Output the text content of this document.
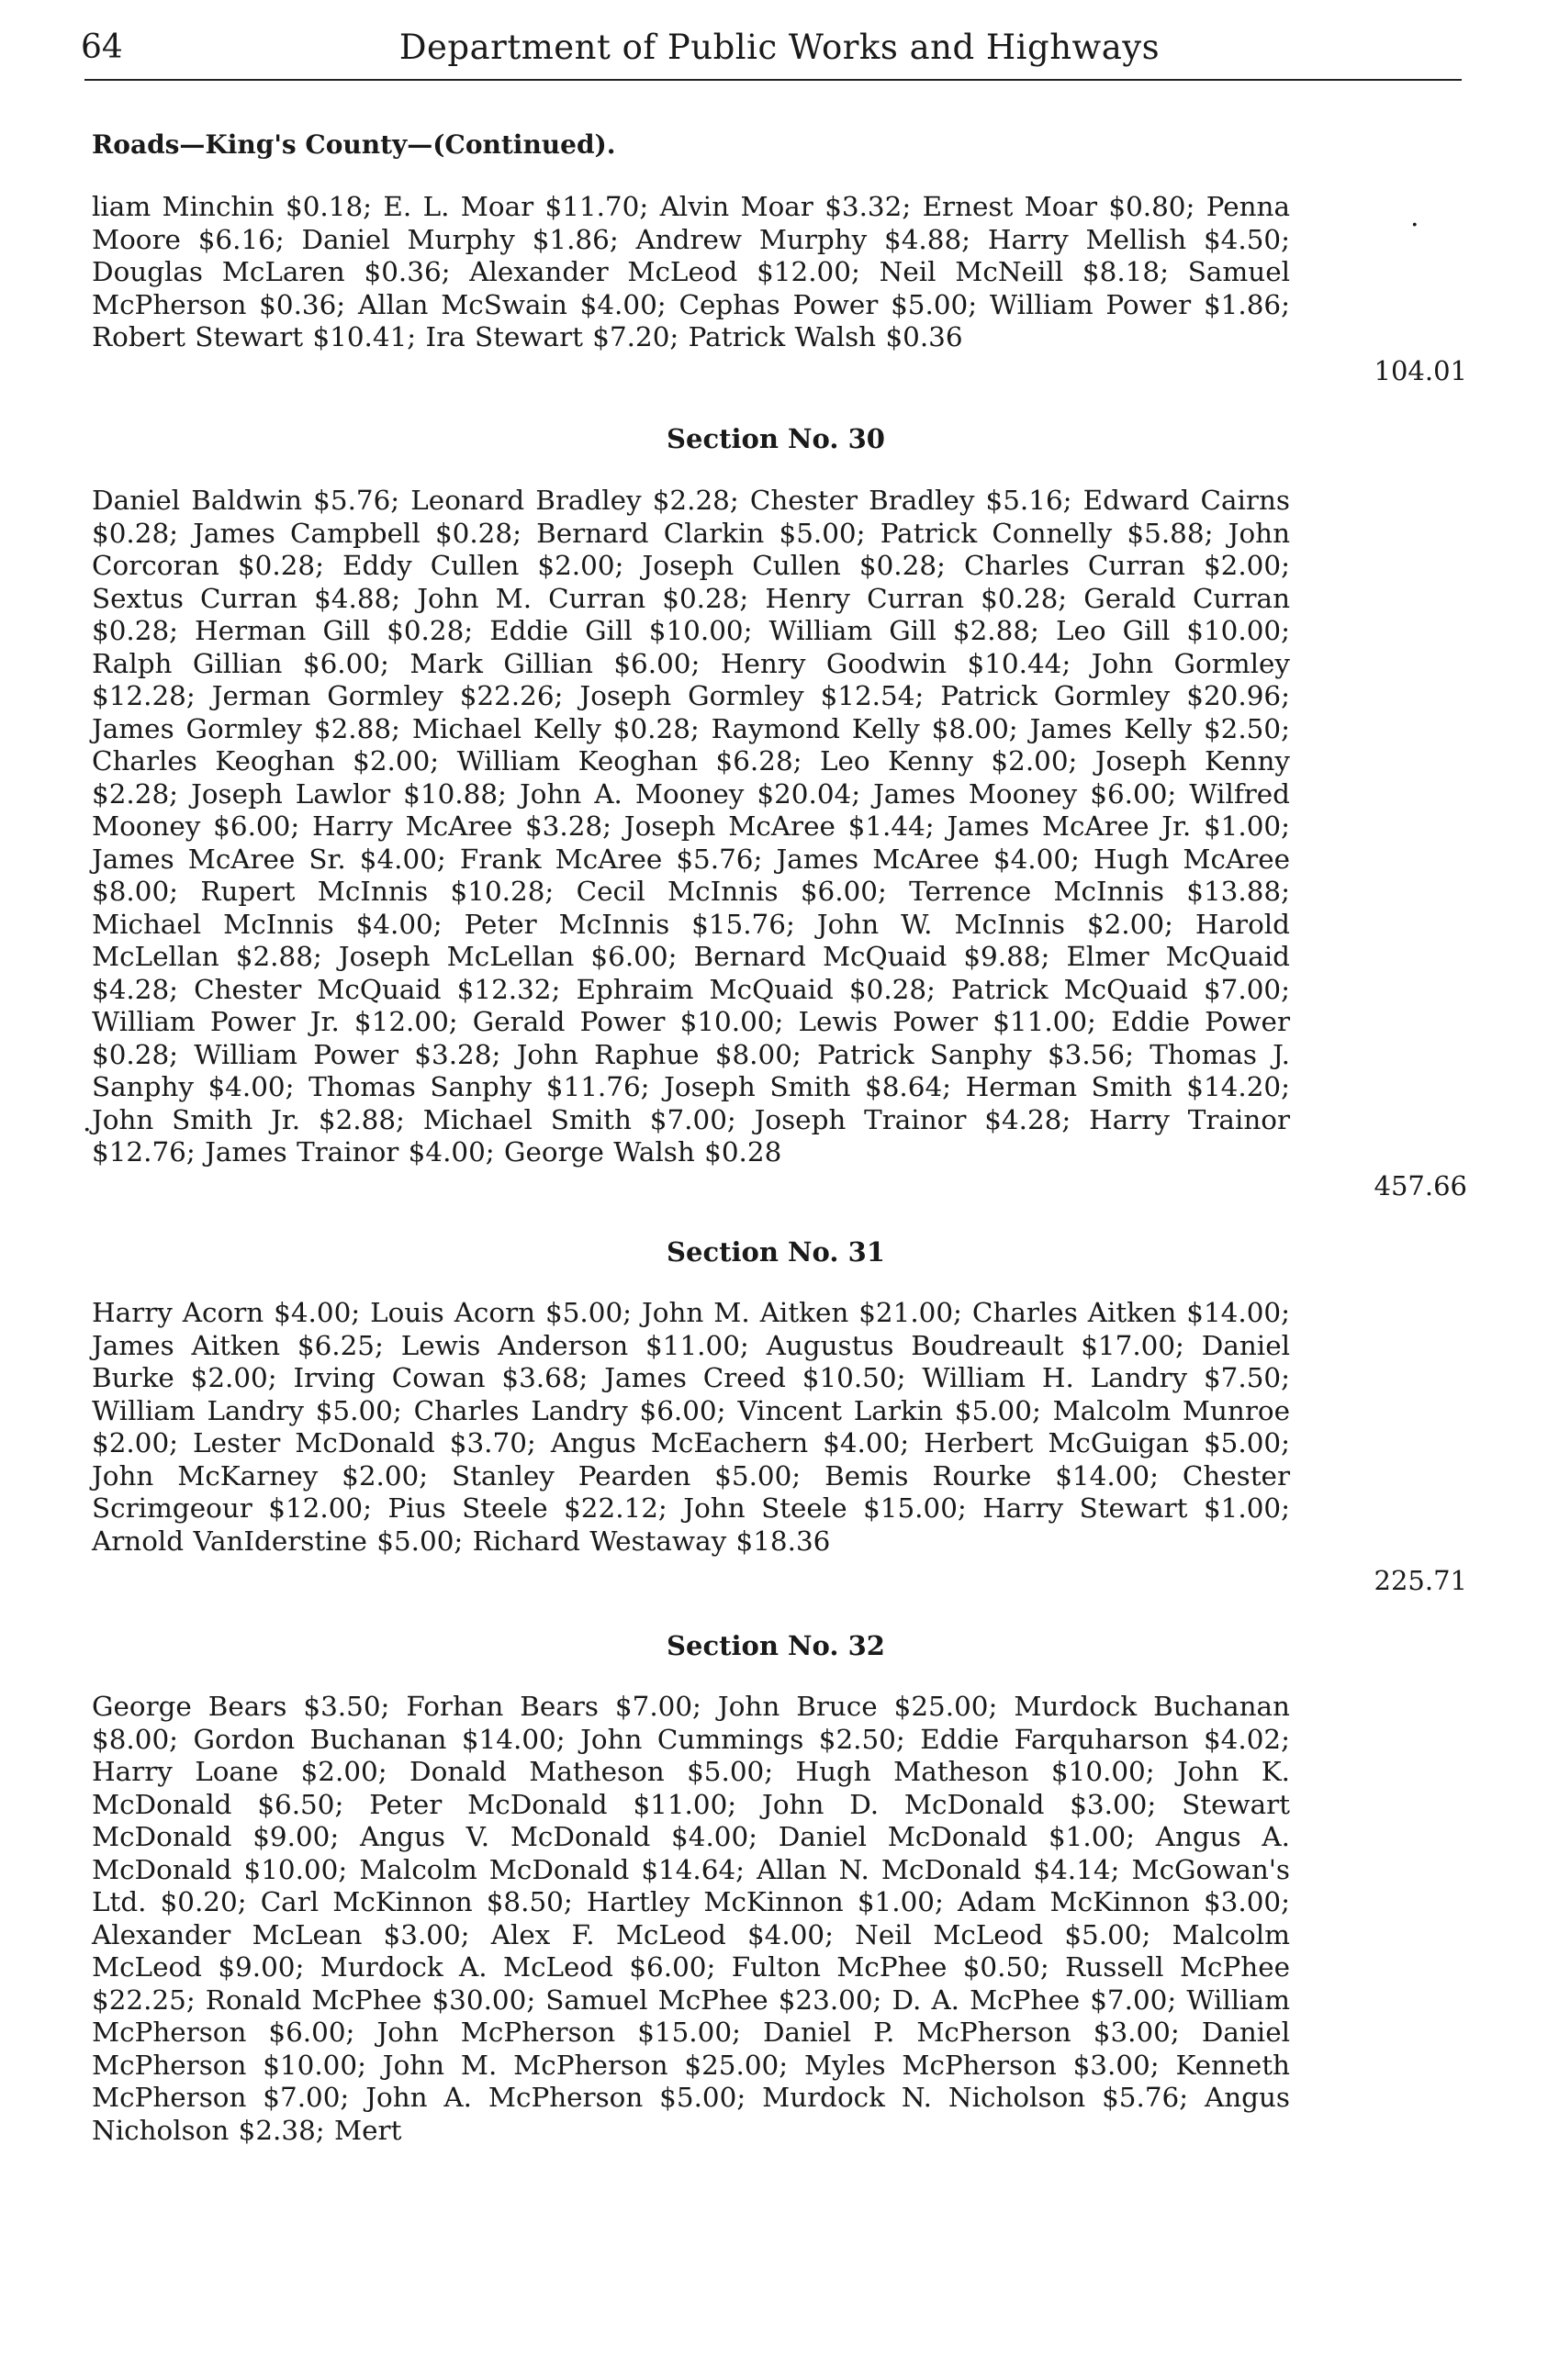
64	Department of Public Works and Highways
Roads—King's County—(Continued).
liam Minchin $0.18; E. L. Moar $11.70; Alvin Moar $3.32; Ernest Moar $0.80; Penna Moore $6.16; Daniel Murphy $1.86; Andrew Murphy $4.88; Harry Mellish $4.50; Douglas McLaren $0.36; Alexander McLeod $12.00; Neil McNeill $8.18; Samuel McPherson $0.36; Allan McSwain $4.00; Cephas Power $5.00; William Power $1.86; Robert Stewart $10.41; Ira Stewart $7.20; Patrick Walsh $0.36
104.01
Section No. 30
Daniel Baldwin $5.76; Leonard Bradley $2.28; Chester Bradley $5.16; Edward Cairns $0.28; James Campbell $0.28; Bernard Clarkin $5.00; Patrick Connelly $5.88; John Corcoran $0.28; Eddy Cullen $2.00; Joseph Cullen $0.28; Charles Curran $2.00; Sextus Curran $4.88; John M. Curran $0.28; Henry Curran $0.28; Gerald Curran $0.28; Herman Gill $0.28; Eddie Gill $10.00; William Gill $2.88; Leo Gill $10.00; Ralph Gillian $6.00; Mark Gillian $6.00; Henry Goodwin $10.44; John Gormley $12.28; Jerman Gormley $22.26; Joseph Gormley $12.54; Patrick Gormley $20.96; James Gormley $2.88; Michael Kelly $0.28; Raymond Kelly $8.00; James Kelly $2.50; Charles Keoghan $2.00; William Keoghan $6.28; Leo Kenny $2.00; Joseph Kenny $2.28; Joseph Lawlor $10.88; John A. Mooney $20.04; James Mooney $6.00; Wilfred Mooney $6.00; Harry McAree $3.28; Joseph McAree $1.44; James McAree Jr. $1.00; James McAree Sr. $4.00; Frank McAree $5.76; James McAree $4.00; Hugh McAree $8.00; Rupert McInnis $10.28; Cecil McInnis $6.00; Terrence McInnis $13.88; Michael McInnis $4.00; Peter McInnis $15.76; John W. McInnis $2.00; Harold McLellan $2.88; Joseph McLellan $6.00; Bernard McQuaid $9.88; Elmer McQuaid $4.28; Chester McQuaid $12.32; Ephraim McQuaid $0.28; Patrick McQuaid $7.00; William Power Jr. $12.00; Gerald Power $10.00; Lewis Power $11.00; Eddie Power $0.28; William Power $3.28; John Raphue $8.00; Patrick Sanphy $3.56; Thomas J. Sanphy $4.00; Thomas Sanphy $11.76; Joseph Smith $8.64; Herman Smith $14.20; John Smith Jr. $2.88; Michael Smith $7.00; Joseph Trainor $4.28; Harry Trainor $12.76; James Trainor $4.00; George Walsh $0.28
457.66
Section No. 31
Harry Acorn $4.00; Louis Acorn $5.00; John M. Aitken $21.00; Charles Aitken $14.00; James Aitken $6.25; Lewis Anderson $11.00; Augustus Boudreault $17.00; Daniel Burke $2.00; Irving Cowan $3.68; James Creed $10.50; William H. Landry $7.50; William Landry $5.00; Charles Landry $6.00; Vincent Larkin $5.00; Malcolm Munroe $2.00; Lester McDonald $3.70; Angus McEachern $4.00; Herbert McGuigan $5.00; John McKarney $2.00; Stanley Pearden $5.00; Bemis Rourke $14.00; Chester Scrimgeour $12.00; Pius Steele $22.12; John Steele $15.00; Harry Stewart $1.00; Arnold VanIderstine $5.00; Richard Westaway $18.36
225.71
Section No. 32
George Bears $3.50; Forhan Bears $7.00; John Bruce $25.00; Murdock Buchanan $8.00; Gordon Buchanan $14.00; John Cummings $2.50; Eddie Farquharson $4.02; Harry Loane $2.00; Donald Matheson $5.00; Hugh Matheson $10.00; John K. McDonald $6.50; Peter McDonald $11.00; John D. McDonald $3.00; Stewart McDonald $9.00; Angus V. McDonald $4.00; Daniel McDonald $1.00; Angus A. McDonald $10.00; Malcolm McDonald $14.64; Allan N. McDonald $4.14; McGowan's Ltd. $0.20; Carl McKinnon $8.50; Hartley McKinnon $1.00; Adam McKinnon $3.00; Alexander McLean $3.00; Alex F. McLeod $4.00; Neil McLeod $5.00; Malcolm McLeod $9.00; Murdock A. McLeod $6.00; Fulton McPhee $0.50; Russell McPhee $22.25; Ronald McPhee $30.00; Samuel McPhee $23.00; D. A. McPhee $7.00; William McPherson $6.00; John McPherson $15.00; Daniel P. McPherson $3.00; Daniel McPherson $10.00; John M. McPherson $25.00; Myles McPherson $3.00; Kenneth McPherson $7.00; John A. McPherson $5.00; Murdock N. Nicholson $5.76; Angus Nicholson $2.38; Mert
.
.
